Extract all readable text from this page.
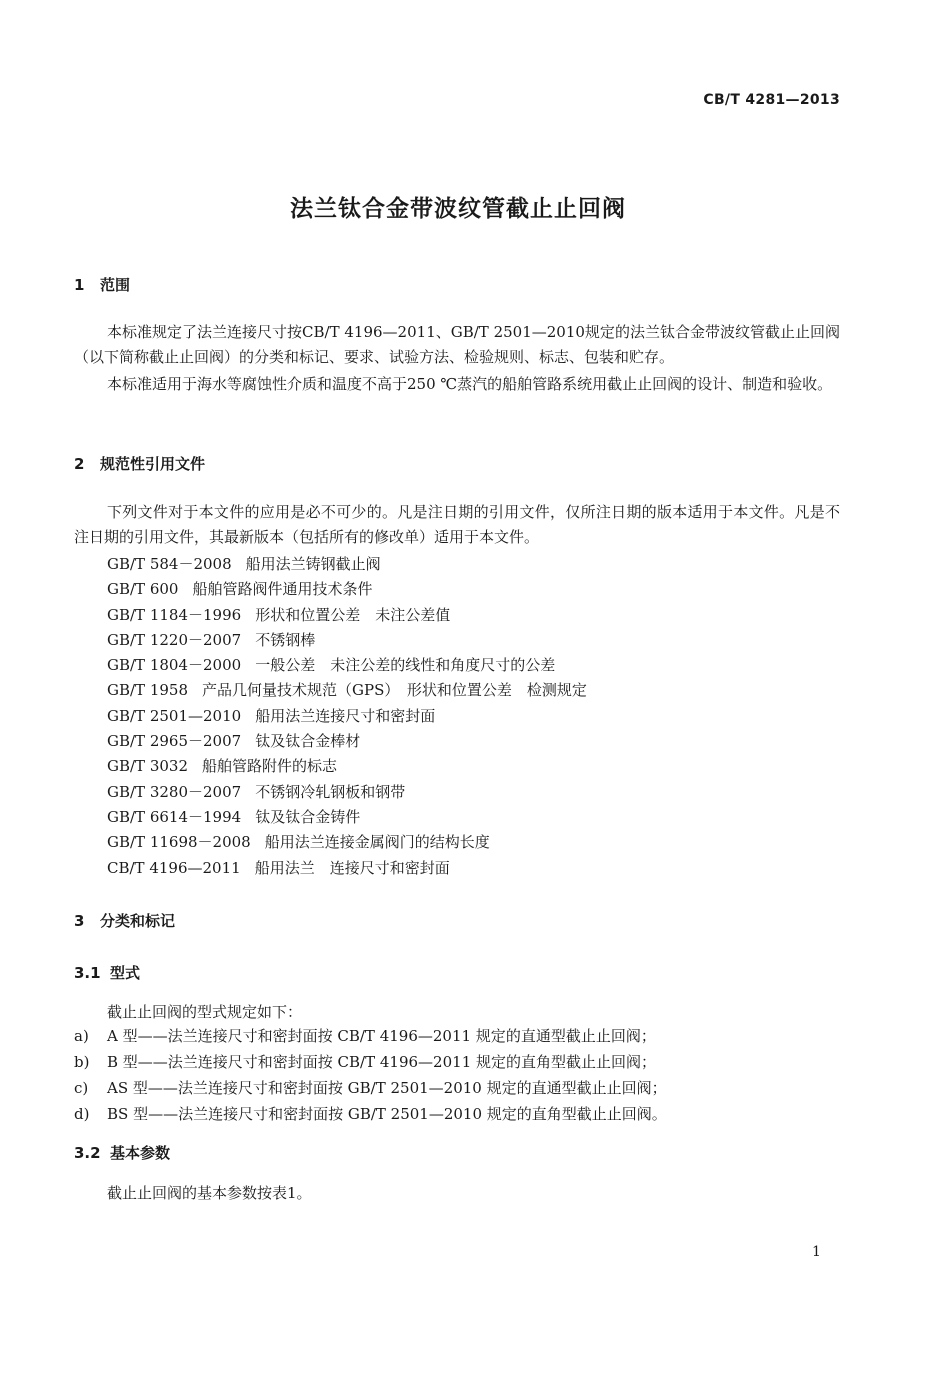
CB/T 4281—2013
法兰钛合金带波纹管截止止回阀
1 范围
本标准规定了法兰连接尺寸按CB/T 4196—2011、GB/T 2501—2010规定的法兰钛合金带波纹管截止止回阀（以下简称截止止回阀）的分类和标记、要求、试验方法、检验规则、标志、包装和贮存。
本标准适用于海水等腐蚀性介质和温度不高于250 ℃蒸汽的船舶管路系统用截止止回阀的设计、制造和验收。
2 规范性引用文件
下列文件对于本文件的应用是必不可少的。凡是注日期的引用文件，仅所注日期的版本适用于本文件。凡是不注日期的引用文件，其最新版本（包括所有的修改单）适用于本文件。
GB/T 584－2008 船用法兰铸钢截止阀
GB/T 600 船舶管路阀件通用技术条件
GB/T 1184－1996 形状和位置公差　未注公差值
GB/T 1220－2007 不锈钢棒
GB/T 1804－2000 一般公差　未注公差的线性和角度尺寸的公差
GB/T 1958 产品几何量技术规范（GPS）　形状和位置公差　检测规定
GB/T 2501—2010 船用法兰连接尺寸和密封面
GB/T 2965－2007 钛及钛合金棒材
GB/T 3032 船舶管路附件的标志
GB/T 3280－2007 不锈钢冷轧钢板和钢带
GB/T 6614－1994 钛及钛合金铸件
GB/T 11698－2008 船用法兰连接金属阀门的结构长度
CB/T 4196—2011 船用法兰　连接尺寸和密封面
3 分类和标记
3.1 型式
截止止回阀的型式规定如下：
a) A 型——法兰连接尺寸和密封面按 CB/T 4196—2011 规定的直通型截止止回阀；
b) B 型——法兰连接尺寸和密封面按 CB/T 4196—2011 规定的直角型截止止回阀；
c) AS 型——法兰连接尺寸和密封面按 GB/T 2501—2010 规定的直通型截止止回阀；
d) BS 型——法兰连接尺寸和密封面按 GB/T 2501—2010 规定的直角型截止止回阀。
3.2 基本参数
截止止回阀的基本参数按表1。
1
